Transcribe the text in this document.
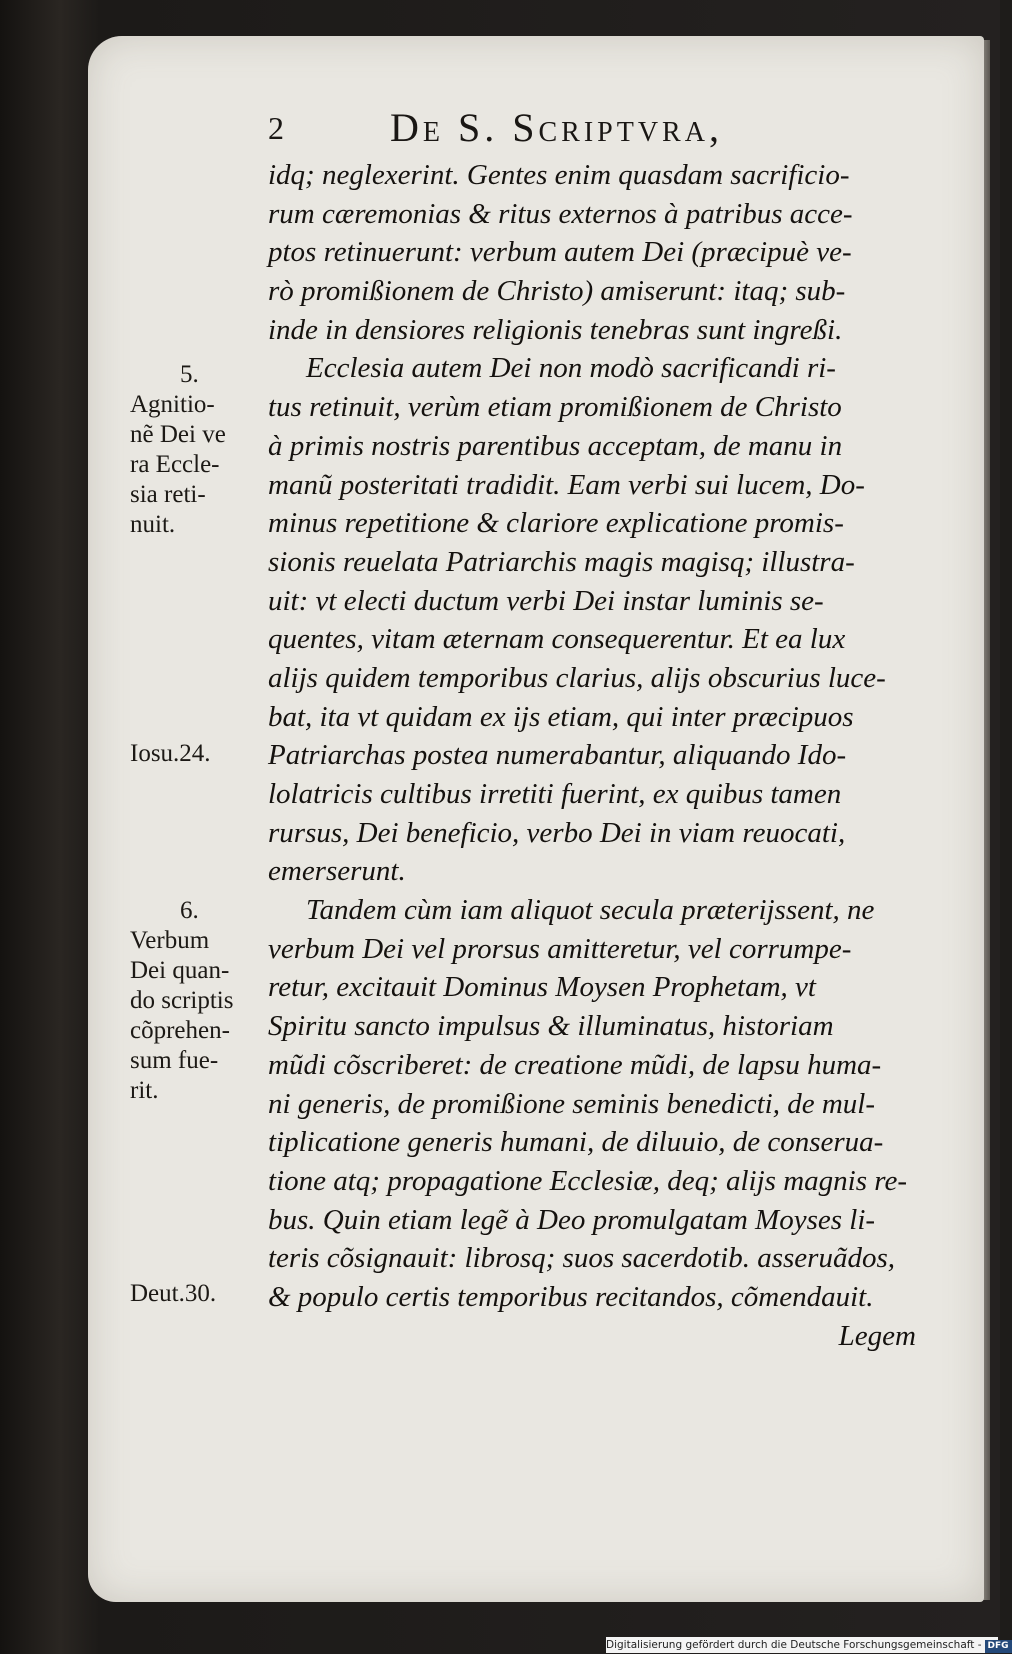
2	De S. Scriptvra,
idq; neglexerint. Gentes enim quasdam sacrificio-
rum cæremonias & ritus externos à patribus acce-
ptos retinuerunt: verbum autem Dei (præcipuè ve-
rò promißionem de Christo) amiserunt: itaq; sub-
inde in densiores religionis tenebras sunt ingreßi.
Ecclesia autem Dei non modò sacrificandi ri-
tus retinuit, verùm etiam promißionem de Christo
à primis nostris parentibus acceptam, de manu in
manũ posteritati tradidit. Eam verbi sui lucem, Do-
minus repetitione & clariore explicatione promis-
sionis reuelata Patriarchis magis magisq; illustra-
uit: vt electi ductum verbi Dei instar luminis se-
quentes, vitam æternam consequerentur. Et ea lux
alijs quidem temporibus clarius, alijs obscurius luce-
bat, ita vt quidam ex ijs etiam, qui inter præcipuos
Patriarchas postea numerabantur, aliquando Ido-
lolatricis cultibus irretiti fuerint, ex quibus tamen
rursus, Dei beneficio, verbo Dei in viam reuocati,
emerserunt.
Tandem cùm iam aliquot secula præterijssent, ne
verbum Dei vel prorsus amitteretur, vel corrumpe-
retur, excitauit Dominus Moysen Prophetam, vt
Spiritu sancto impulsus & illuminatus, historiam
mũdi cõscriberet: de creatione mũdi, de lapsu huma-
ni generis, de promißione seminis benedicti, de mul-
tiplicatione generis humani, de diluuio, de conserua-
tione atq; propagatione Ecclesiæ, deq; alijs magnis re-
bus. Quin etiam legẽ à Deo promulgatam Moyses li-
teris cõsignauit: librosq; suos sacerdotib. asseruãdos,
& populo certis temporibus recitandos, cõmendauit.
Legem
5.
Agnitio-
nẽ Dei ve
ra Eccle-
sia reti-
nuit.
Iosu.24.
6.
Verbum
Dei quan-
do scriptis
cõprehen-
sum fue-
rit.
Deut.30.
Digitalisierung gefördert durch die Deutsche Forschungsgemeinschaft - DFG
